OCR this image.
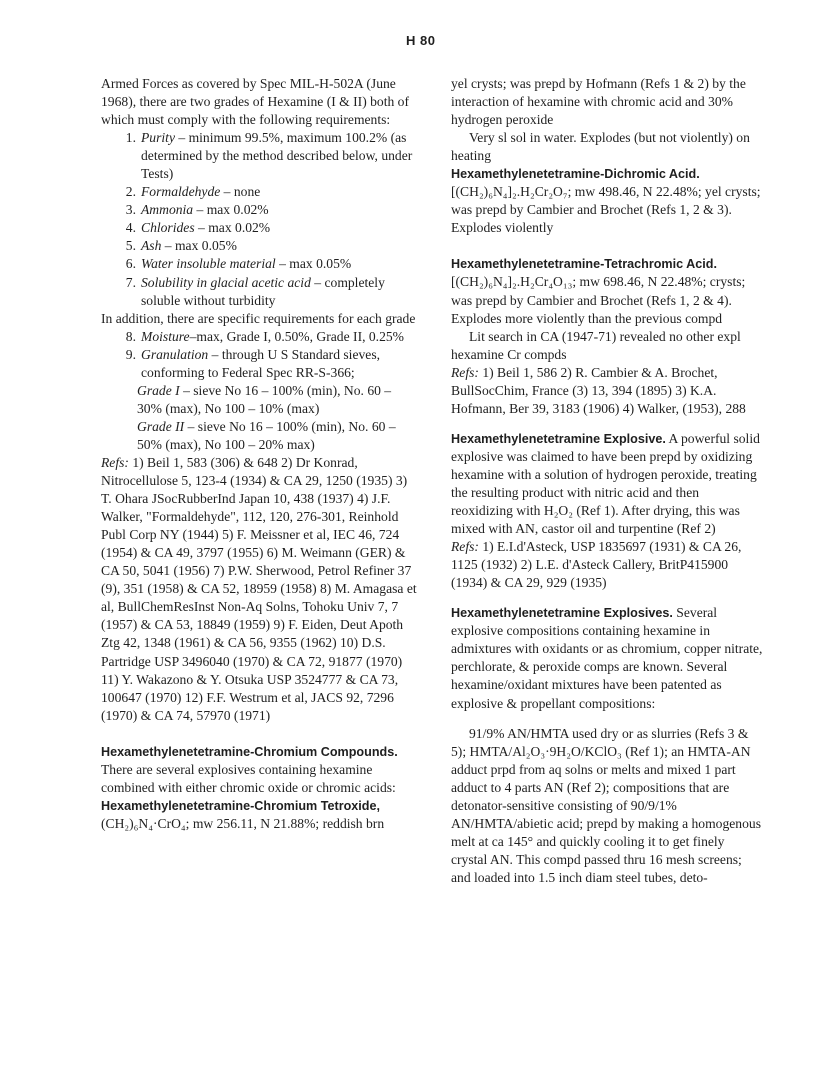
H 80

Armed Forces as covered by Spec MIL-H-502A (June 1968), there are two grades of Hexamine (I & II) both of which must comply with the following requirements:

1. Purity – minimum 99.5%, maximum 100.2% (as determined by the method described below, under Tests)
2. Formaldehyde – none
3. Ammonia – max 0.02%
4. Chlorides – max 0.02%
5. Ash – max 0.05%
6. Water insoluble material – max 0.05%
7. Solubility in glacial acetic acid – completely soluble without turbidity

In addition, there are specific requirements for each grade

8. Moisture–max, Grade I, 0.50%, Grade II, 0.25%
9. Granulation – through U S Standard sieves, conforming to Federal Spec RR-S-366;

Grade I – sieve No 16 – 100% (min), No. 60 – 30% (max), No 100 – 10% (max)

Grade II – sieve No 16 – 100% (min), No. 60 – 50% (max), No 100 – 20% max)

Refs: 1) Beil 1, 583 (306) & 648 2) Dr Konrad, Nitrocellulose 5, 123-4 (1934) & CA 29, 1250 (1935) 3) T. Ohara JSocRubberInd Japan 10, 438 (1937) 4) J.F. Walker, "Formaldehyde", 112, 120, 276-301, Reinhold Publ Corp NY (1944) 5) F. Meissner et al, IEC 46, 724 (1954) & CA 49, 3797 (1955) 6) M. Weimann (GER) & CA 50, 5041 (1956) 7) P.W. Sherwood, Petrol Refiner 37 (9), 351 (1958) & CA 52, 18959 (1958) 8) M. Amagasa et al, BullChemResInst Non-Aq Solns, Tohoku Univ 7, 7 (1957) & CA 53, 18849 (1959) 9) F. Eiden, Deut Apoth Ztg 42, 1348 (1961) & CA 56, 9355 (1962) 10) D.S. Partridge USP 3496040 (1970) & CA 72, 91877 (1970) 11) Y. Wakazono & Y. Otsuka USP 3524777 & CA 73, 100647 (1970) 12) F.F. Westrum et al, JACS 92, 7296 (1970) & CA 74, 57970 (1971)

Hexamethylenetetramine-Chromium Compounds.

There are several explosives containing hexamine combined with either chromic oxide or chromic acids:

Hexamethylenetetramine-Chromium Tetroxide,

(CH₂)₆N₄·CrO₄; mw 256.11, N 21.88%; reddish brn

yel crysts; was prepd by Hofmann (Refs 1 & 2) by the interaction of hexamine with chromic acid and 30% hydrogen peroxide

Very sl sol in water. Explodes (but not violently) on heating

Hexamethylenetetramine-Dichromic Acid.

[(CH₂)₆N₄]₂.H₂Cr₂O₇; mw 498.46, N 22.48%; yel crysts; was prepd by Cambier and Brochet (Refs 1, 2 & 3). Explodes violently

Hexamethylenetetramine-Tetrachromic Acid.

[(CH₂)₆N₄]₂.H₂Cr₄O₁₃; mw 698.46, N 22.48%; crysts; was prepd by Cambier and Brochet (Refs 1, 2 & 4). Explodes more violently than the previous compd

Lit search in CA (1947-71) revealed no other expl hexamine Cr compds

Refs: 1) Beil 1, 586 2) R. Cambier & A. Brochet, BullSocChim, France (3) 13, 394 (1895) 3) K.A. Hofmann, Ber 39, 3183 (1906) 4) Walker, (1953), 288

Hexamethylenetetramine Explosive. A powerful solid explosive was claimed to have been prepd by oxidizing hexamine with a solution of hydrogen peroxide, treating the resulting product with nitric acid and then reoxidizing with H₂O₂ (Ref 1). After drying, this was mixed with AN, castor oil and turpentine (Ref 2)

Refs: 1) E.I.d'Asteck, USP 1835697 (1931) & CA 26, 1125 (1932) 2) L.E. d'Asteck Callery, BritP415900 (1934) & CA 29, 929 (1935)

Hexamethylenetetramine Explosives. Several explosive compositions containing hexamine in admixtures with oxidants or as chromium, copper nitrate, perchlorate, & peroxide comps are known. Several hexamine/oxidant mixtures have been patented as explosive & propellant compositions:

91/9% AN/HMTA used dry or as slurries (Refs 3 & 5); HMTA/Al₂O₃·9H₂O/KClO₃ (Ref 1); an HMTA-AN adduct prpd from aq solns or melts and mixed 1 part adduct to 4 parts AN (Ref 2); compositions that are detonator-sensitive consisting of 90/9/1% AN/HMTA/abietic acid; prepd by making a homogenous melt at ca 145° and quickly cooling it to get finely crystal AN. This compd passed thru 16 mesh screens; and loaded into 1.5 inch diam steel tubes, deto-
